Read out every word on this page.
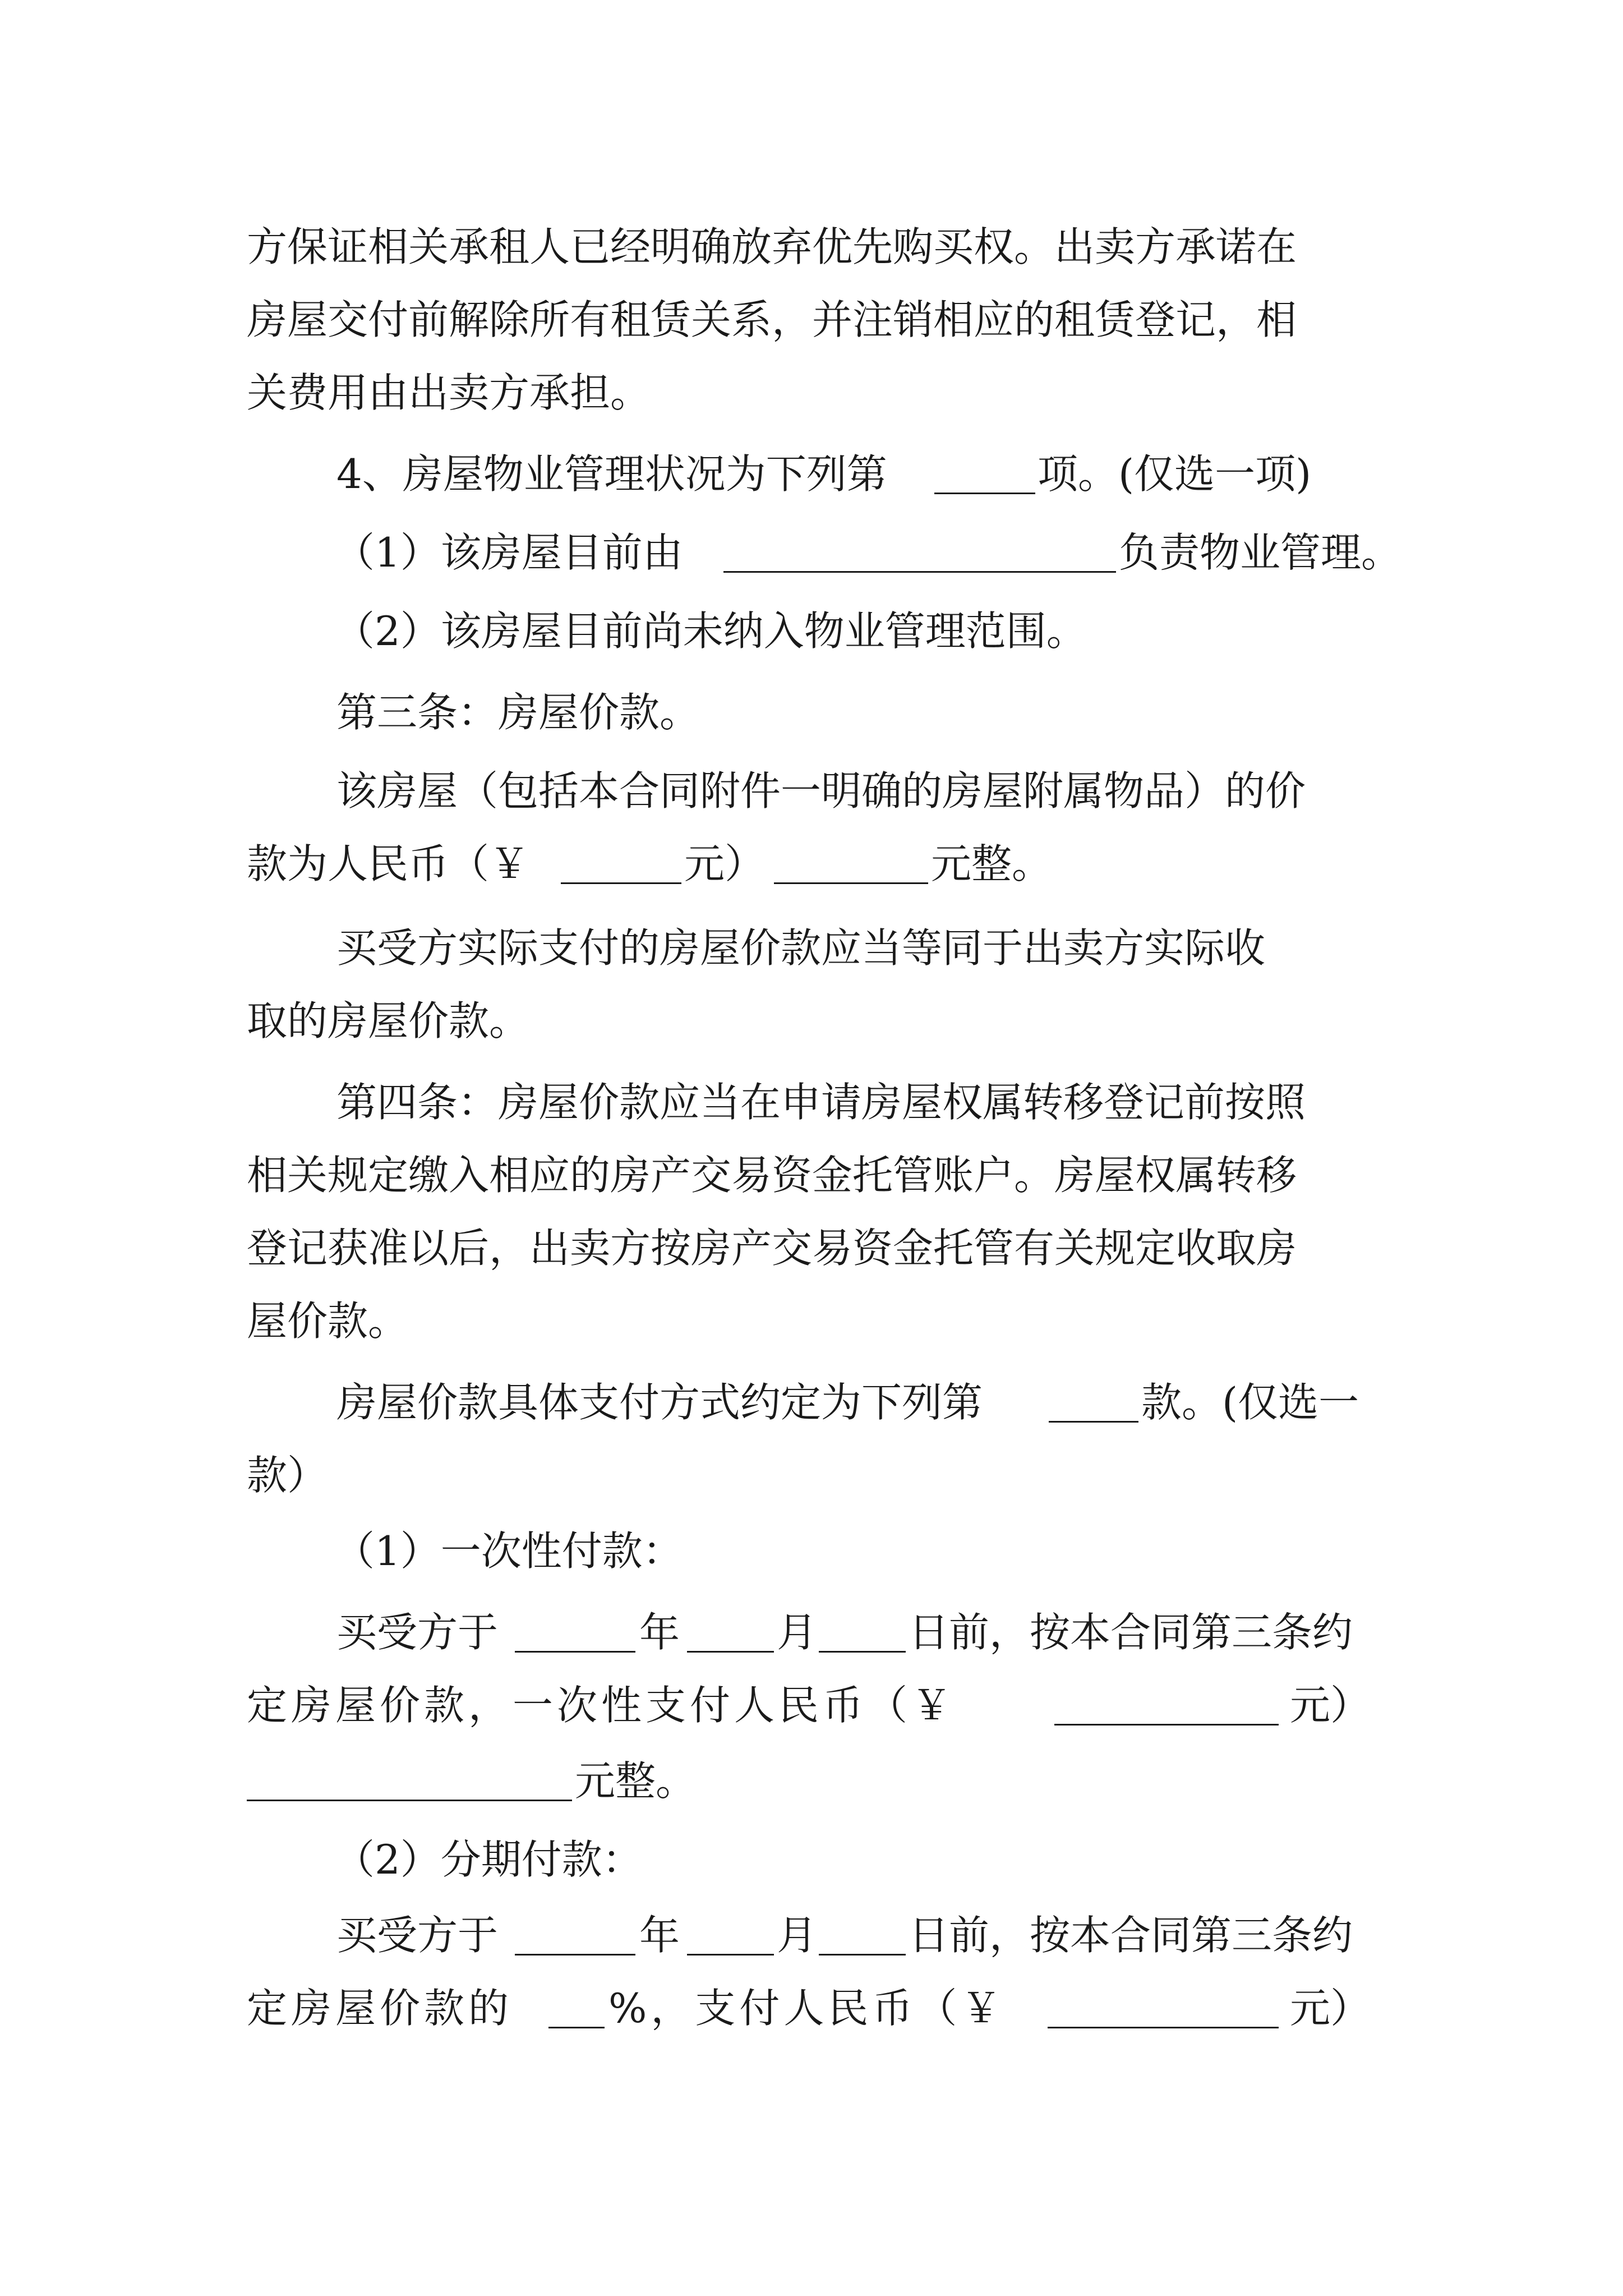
方保证相关承租人已经明确放弃优先购买权。出卖方承诺在
房屋交付前解除所有租赁关系，并注销相应的租赁登记，相
关费用由出卖方承担。
4、房屋物业管理状况为下列第	项。(仅选一项)
（1）该房屋目前由	负责物业管理。
（2）该房屋目前尚未纳入物业管理范围。
第三条：房屋价款。
该房屋（包括本合同附件一明确的房屋附属物品）的价
款为人民币（￥	元）	元整。
买受方实际支付的房屋价款应当等同于出卖方实际收
取的房屋价款。
第四条：房屋价款应当在申请房屋权属转移登记前按照
相关规定缴入相应的房产交易资金托管账户。房屋权属转移
登记获准以后，出卖方按房产交易资金托管有关规定收取房
屋价款。
房屋价款具体支付方式约定为下列第	款。(仅选一
款）
（1）一次性付款：
买受方于	年 月 日前，按本合同第三条约
定房屋价款，一次性支付人民币（￥	元）
元整。
（2）分期付款：
买受方于	年 月 日前，按本合同第三条约
定房屋价款的 %，支付人民币（￥	元）
